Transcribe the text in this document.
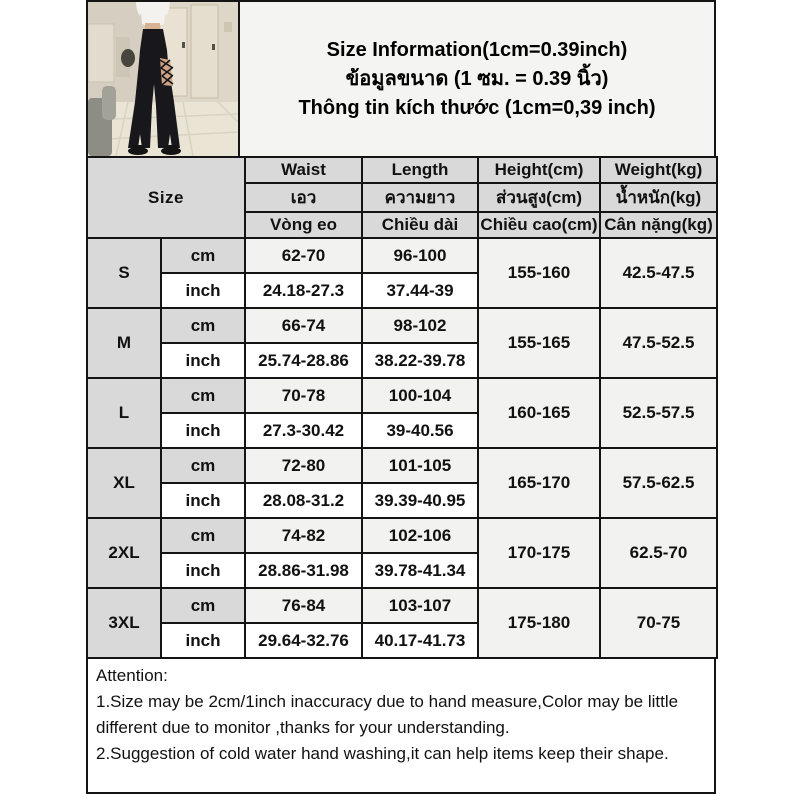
Size Information(1cm=0.39inch)
ข้อมูลขนาด (1 ซม. = 0.39 นิ้ว)
Thông tin kích thước (1cm=0,39 inch)
Size		Waist	Length	Height(cm)	Weight(kg)
		เอว	ความยาว	ส่วนสูง(cm)	น้ำหนัก(kg)
		Vòng eo	Chiều dài	Chiều cao(cm)	Cân nặng(kg)
S	cm	62-70	96-100	155-160	42.5-47.5
	inch	24.18-27.3	37.44-39		
M	cm	66-74	98-102	155-165	47.5-52.5
	inch	25.74-28.86	38.22-39.78		
L	cm	70-78	100-104	160-165	52.5-57.5
	inch	27.3-30.42	39-40.56		
XL	cm	72-80	101-105	165-170	57.5-62.5
	inch	28.08-31.2	39.39-40.95		
2XL	cm	74-82	102-106	170-175	62.5-70
	inch	28.86-31.98	39.78-41.34		
3XL	cm	76-84	103-107	175-180	70-75
	inch	29.64-32.76	40.17-41.73		

Attention:

1.Size may be 2cm/1inch inaccuracy due to hand measure,Color may be little different due to monitor ,thanks for your understanding.

2.Suggestion of cold water hand washing,it can help items keep their shape.
